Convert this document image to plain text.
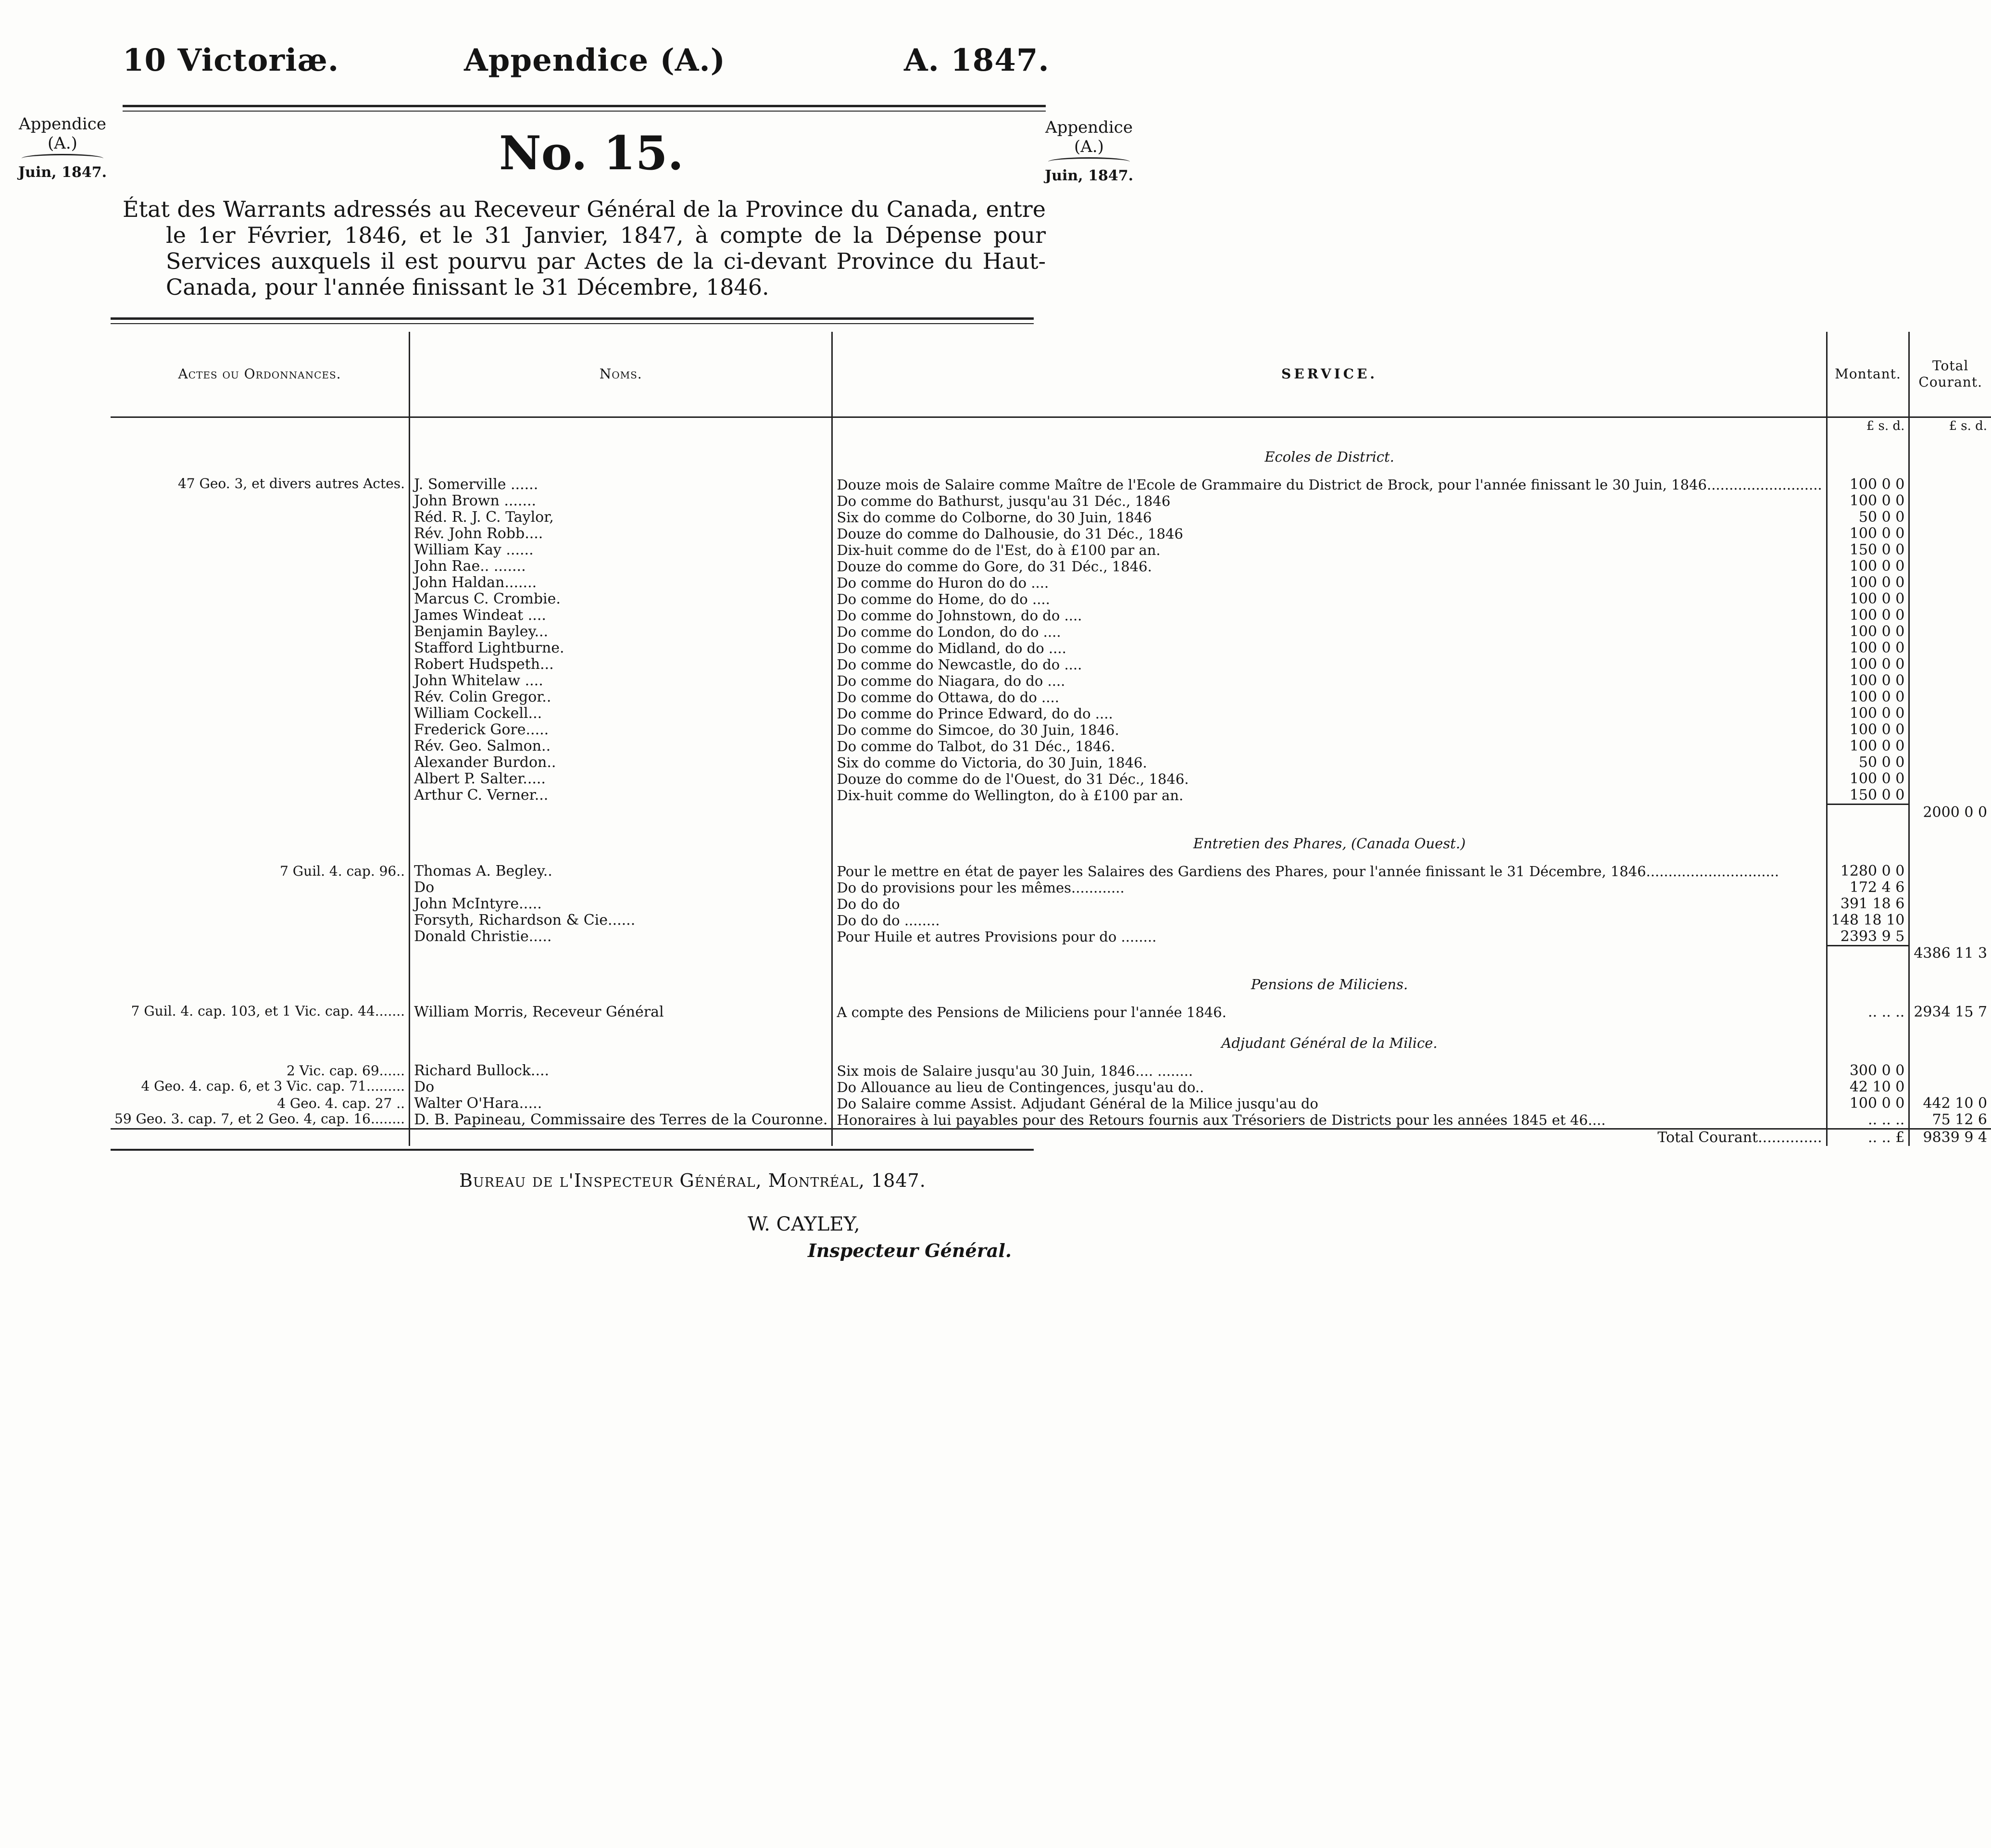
10 Victoriæ.	Appendice (A.)	A. 1847.
Appendice
(A.)
Juin, 1847.
Appendice
(A.)
Juin, 1847.
No. 15.
État des Warrants adressés au Receveur Général de la Province du Canada, entre le 1er Février, 1846, et le 31 Janvier, 1847, à compte de la Dépense pour Services auxquels il est pourvu par Actes de la ci-devant Province du Haut-Canada, pour l'année finissant le 31 Décembre, 1846.
Actes ou Ordonnances.	Noms.	SERVICE.	Montant.	Total Courant.
			£ s. d.	£ s. d.
		Ecoles de District.		
47 Geo. 3, et divers autres Actes.	J. Somerville ......	Douze mois de Salaire comme Maître de l'Ecole de Grammaire du District de Brock, pour l'année finissant le 30 Juin, 1846..........................	100 0 0	
	John Brown .......	Do comme do Bathurst, jusqu'au 31 Déc., 1846	100 0 0	
	Réd. R. J. C. Taylor,	Six do comme do Colborne, do 30 Juin, 1846	50 0 0	
	Rév. John Robb....	Douze do comme do Dalhousie, do 31 Déc., 1846	100 0 0	
	William Kay ......	Dix-huit comme do de l'Est, do à £100 par an.	150 0 0	
	John Rae.. .......	Douze do comme do Gore, do 31 Déc., 1846.	100 0 0	
	John Haldan.......	Do comme do Huron do do ....	100 0 0	
	Marcus C. Crombie.	Do comme do Home, do do ....	100 0 0	
	James Windeat ....	Do comme do Johnstown, do do ....	100 0 0	
	Benjamin Bayley...	Do comme do London, do do ....	100 0 0	
	Stafford Lightburne.	Do comme do Midland, do do ....	100 0 0	
	Robert Hudspeth...	Do comme do Newcastle, do do ....	100 0 0	
	John Whitelaw ....	Do comme do Niagara, do do ....	100 0 0	
	Rév. Colin Gregor..	Do comme do Ottawa, do do ....	100 0 0	
	William Cockell...	Do comme do Prince Edward, do do ....	100 0 0	
	Frederick Gore.....	Do comme do Simcoe, do 30 Juin, 1846.	100 0 0	
	Rév. Geo. Salmon..	Do comme do Talbot, do 31 Déc., 1846.	100 0 0	
	Alexander Burdon..	Six do comme do Victoria, do 30 Juin, 1846.	50 0 0	
	Albert P. Salter.....	Douze do comme do de l'Ouest, do 31 Déc., 1846.	100 0 0	
	Arthur C. Verner...	Dix-huit comme do Wellington, do à £100 par an.	150 0 0	
				2000 0 0
		Entretien des Phares, (Canada Ouest.)		
7 Guil. 4. cap. 96..	Thomas A. Begley..	Pour le mettre en état de payer les Salaires des Gardiens des Phares, pour l'année finissant le 31 Décembre, 1846..............................	1280 0 0	
	Do	Do do provisions pour les mêmes............	172 4 6	
	John McIntyre.....	Do do do	391 18 6	
	Forsyth, Richardson & Cie......	Do do do ........	148 18 10	
	Donald Christie.....	Pour Huile et autres Provisions pour do ........	2393 9 5	
				4386 11 3
		Pensions de Miliciens.		
7 Guil. 4. cap. 103, et 1 Vic. cap. 44.......	William Morris, Receveur Général	A compte des Pensions de Miliciens pour l'année 1846.	.. .. ..	2934 15 7
		Adjudant Général de la Milice.		
2 Vic. cap. 69......	Richard Bullock....	Six mois de Salaire jusqu'au 30 Juin, 1846.... ........	300 0 0	
4 Geo. 4. cap. 6, et 3 Vic. cap. 71.........	Do	Do Allouance au lieu de Contingences, jusqu'au do..	42 10 0	
4 Geo. 4. cap. 27 ..	Walter O'Hara.....	Do Salaire comme Assist. Adjudant Général de la Milice jusqu'au do	100 0 0	442 10 0
59 Geo. 3. cap. 7, et 2 Geo. 4, cap. 16........	D. B. Papineau, Commissaire des Terres de la Couronne.	Honoraires à lui payables pour des Retours fournis aux Trésoriers de Districts pour les années 1845 et 46....	.. .. ..	75 12 6
		Total Courant..............	.. .. £	9839 9 4
Bureau de l'Inspecteur Général, Montréal, 1847.
W. CAYLEY,
Inspecteur Général.
